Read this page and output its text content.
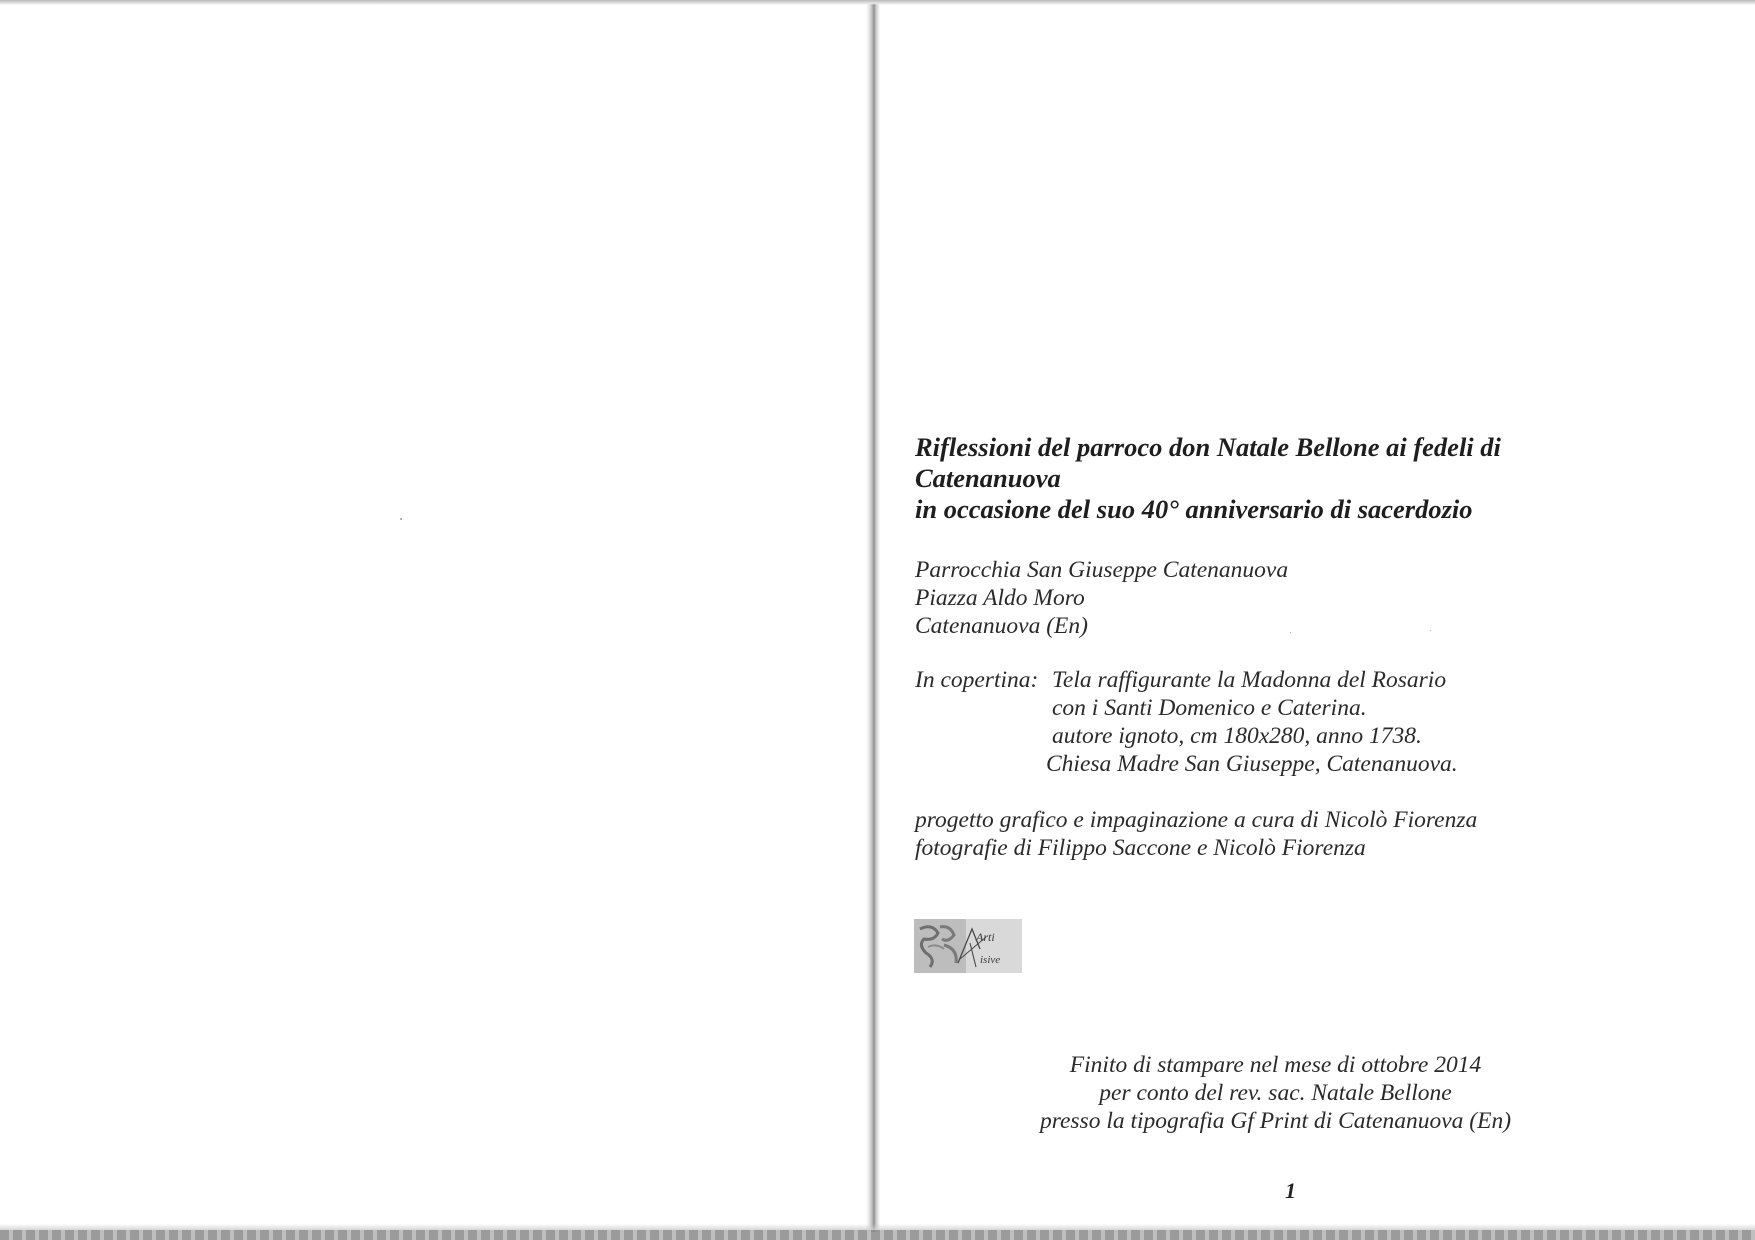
Riflessioni del parroco don Natale Bellone ai fedeli di
Catenanuova
in occasione del suo 40° anniversario di sacerdozio
Parrocchia San Giuseppe Catenanuova
Piazza Aldo Moro
Catenanuova (En)
In copertina: Tela raffigurante la Madonna del Rosario
con i Santi Domenico e Caterina.
autore ignoto, cm 180x280, anno 1738.
Chiesa Madre San Giuseppe, Catenanuova.
progetto grafico e impaginazione a cura di Nicolò Fiorenza
fotografie di Filippo Saccone e Nicolò Fiorenza
Arti
isive
Finito di stampare nel mese di ottobre 2014
per conto del rev. sac. Natale Bellone
presso la tipografia Gf Print di Catenanuova (En)
1
